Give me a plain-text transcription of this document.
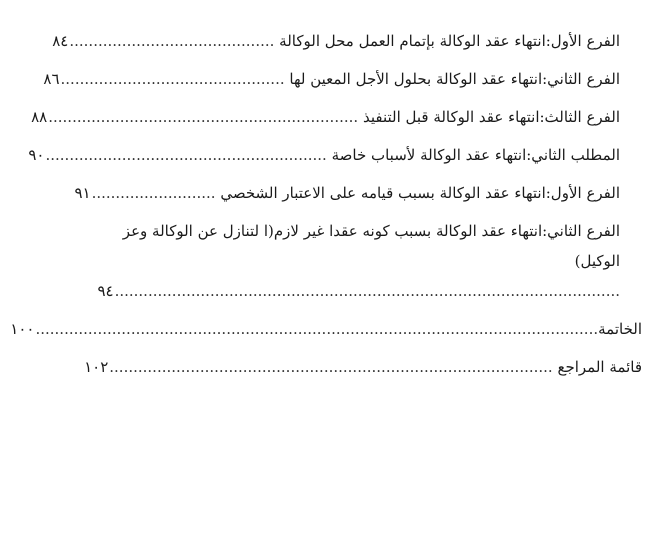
الفرع الأول:انتهاء عقد الوكالة بإتمام العمل محل الوكالة ...........................................٨٤
الفرع الثاني:انتهاء عقد الوكالة بحلول الأجل المعين لها ...............................................٨٦
الفرع الثالث:انتهاء عقد الوكالة قبل التنفيذ .................................................................٨٨
المطلب الثاني:انتهاء عقد الوكالة لأسباب خاصة ...........................................................٩٠
الفرع الأول:انتهاء عقد الوكالة بسبب قيامه على الاعتبار الشخصي ..........................٩١
الفرع الثاني:انتهاء عقد الوكالة بسبب كونه عقدا غير لازم(ا لتنازل عن الوكالة وعز
الوكيل) ..........................................................................................................٩٤
الخاتمة......................................................................................................................١٠٠
قائمة المراجع .............................................................................................١٠٢
